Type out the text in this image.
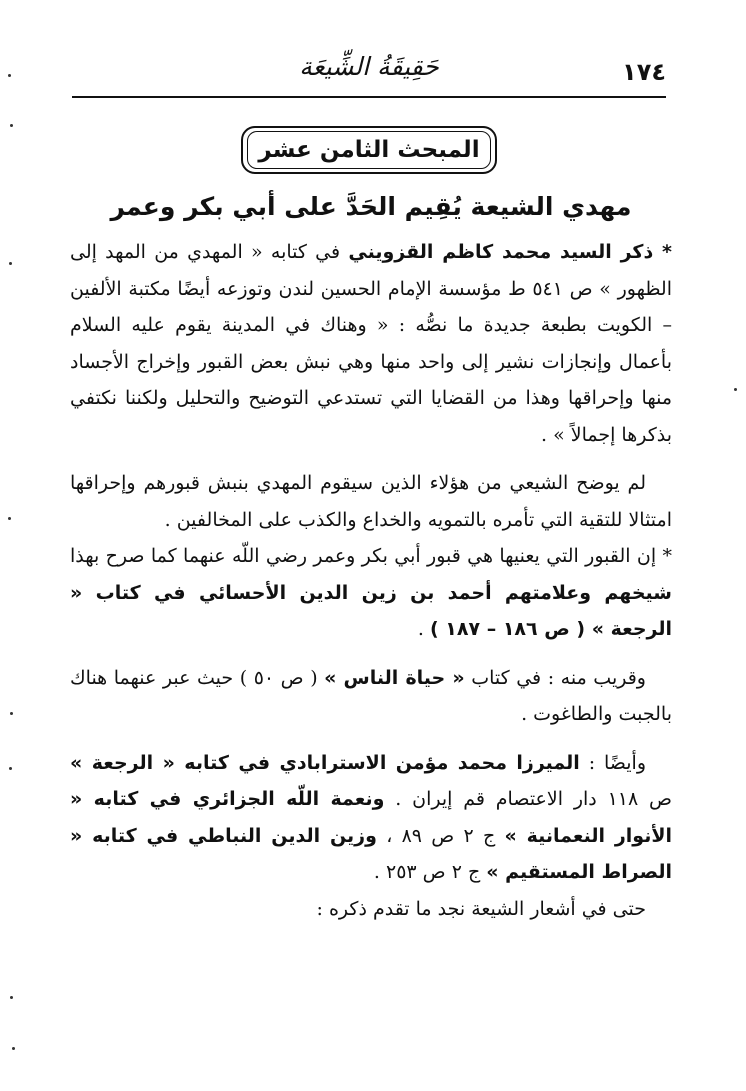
١٧٤
حَقِيقَةُ الشِّيعَة
المبحث الثامن عشر
مهدي الشيعة يُقِيم الحَدَّ على أبي بكر وعمر

* ذكر السيد محمد كاظم القزويني في كتابه « المهدي من المهد إلى الظهور » ص ٥٤١ ط مؤسسة الإمام الحسين لندن وتوزعه أيضًا مكتبة الألفين – الكويت بطبعة جديدة ما نصُّه : « وهناك في المدينة يقوم عليه السلام بأعمال وإنجازات نشير إلى واحد منها وهي نبش بعض القبور وإخراج الأجساد منها وإحراقها وهذا من القضايا التي تستدعي التوضيح والتحليل ولكننا نكتفي بذكرها إجمالاً » .

لم يوضح الشيعي من هؤلاء الذين سيقوم المهدي بنبش قبورهم وإحراقها امتثالا للتقية التي تأمره بالتمويه والخداع والكذب على المخالفين .

* إن القبور التي يعنيها هي قبور أبي بكر وعمر رضي اللّه عنهما كما صرح بهذا شيخهم وعلامتهم أحمد بن زين الدين الأحسائي في كتاب « الرجعة » ( ص ١٨٦ – ١٨٧ ) .

وقريب منه : في كتاب « حياة الناس » ( ص ٥٠ ) حيث عبر عنهما هناك بالجبت والطاغوت .

وأيضًا : الميرزا محمد مؤمن الاسترابادي في كتابه « الرجعة » ص ١١٨ دار الاعتصام قم إيران . ونعمة اللّه الجزائري في كتابه « الأنوار النعمانية » ج ٢ ص ٨٩ ، وزين الدين النباطي في كتابه « الصراط المستقيم » ج ٢ ص ٢٥٣ .

حتى في أشعار الشيعة نجد ما تقدم ذكره :
